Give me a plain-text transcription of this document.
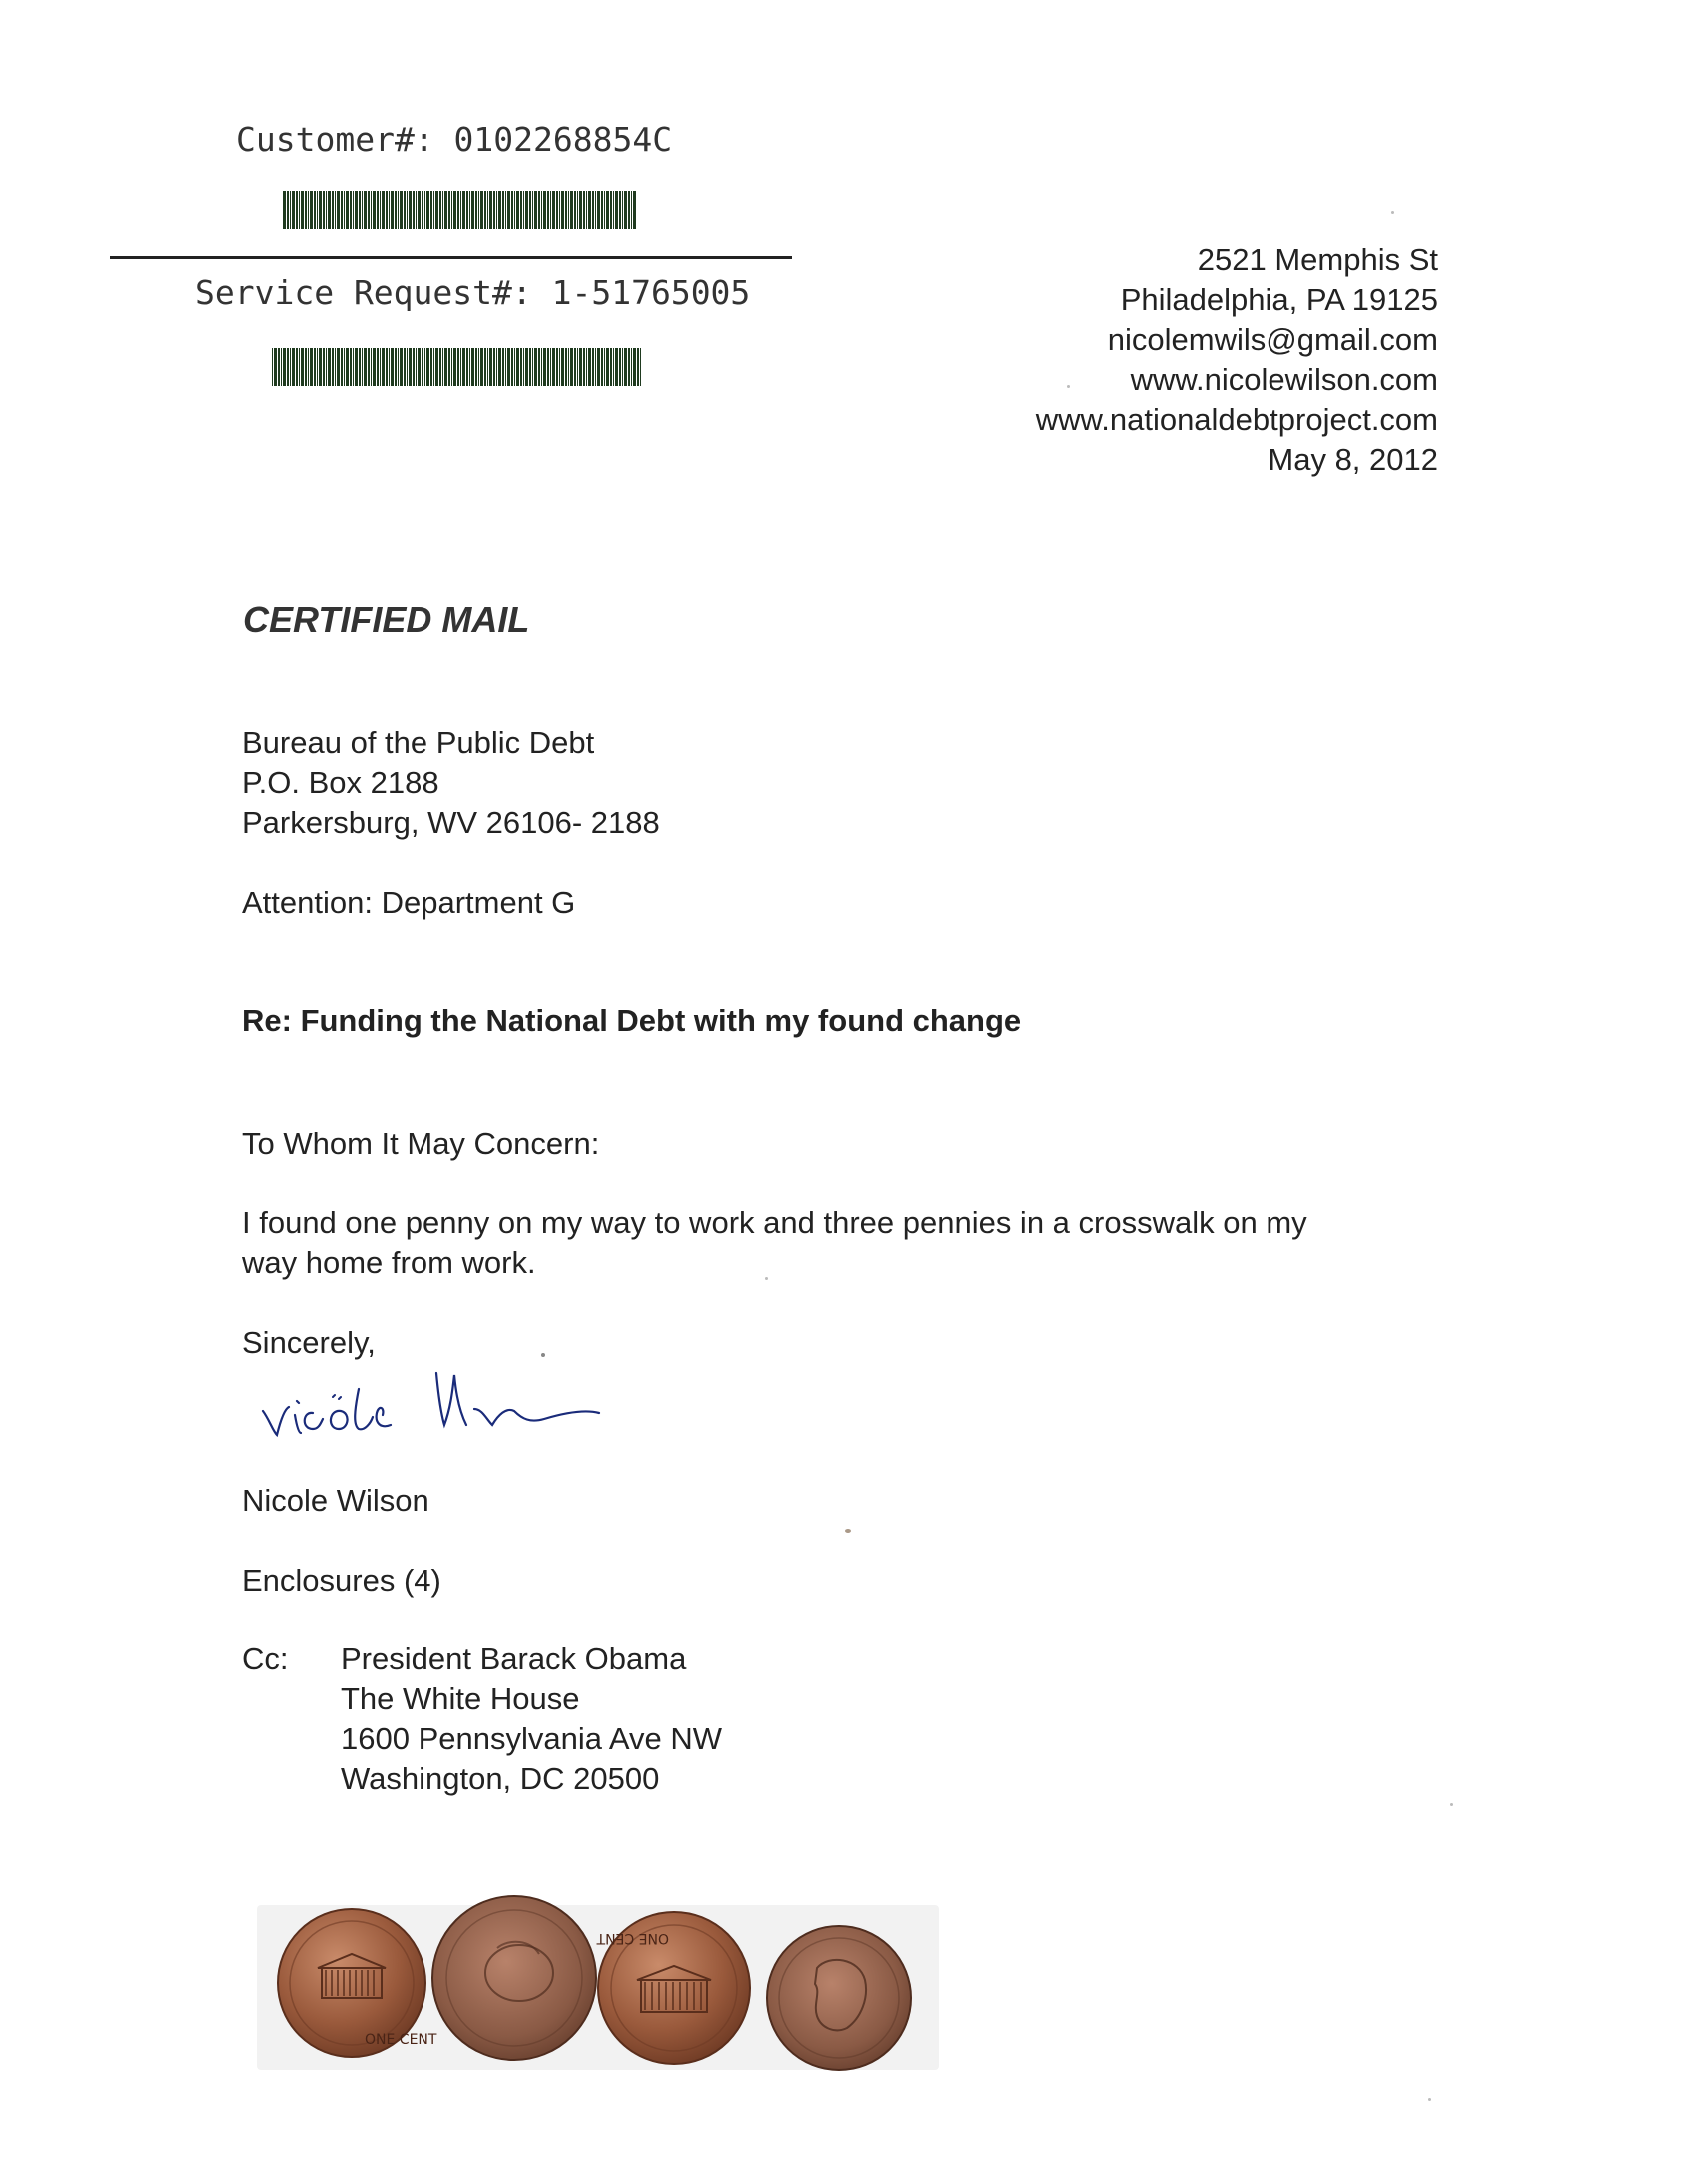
Customer#: 0102268854C
Service Request#: 1-51765005
2521 Memphis St
Philadelphia, PA 19125
nicolemwils@gmail.com
www.nicolewilson.com
www.nationaldebtproject.com
May 8, 2012
CERTIFIED MAIL
Bureau of the Public Debt
P.O. Box 2188
Parkersburg, WV 26106- 2188
Attention: Department G
Re: Funding the National Debt with my found change
To Whom It May Concern:
I found one penny on my way to work and three pennies in a crosswalk on my
way home from work.
Sincerely,
Nicole Wilson
Enclosures (4)
Cc: President Barack Obama
The White House
1600 Pennsylvania Ave NW
Washington, DC 20500
ONE CENT
ONE CENT
